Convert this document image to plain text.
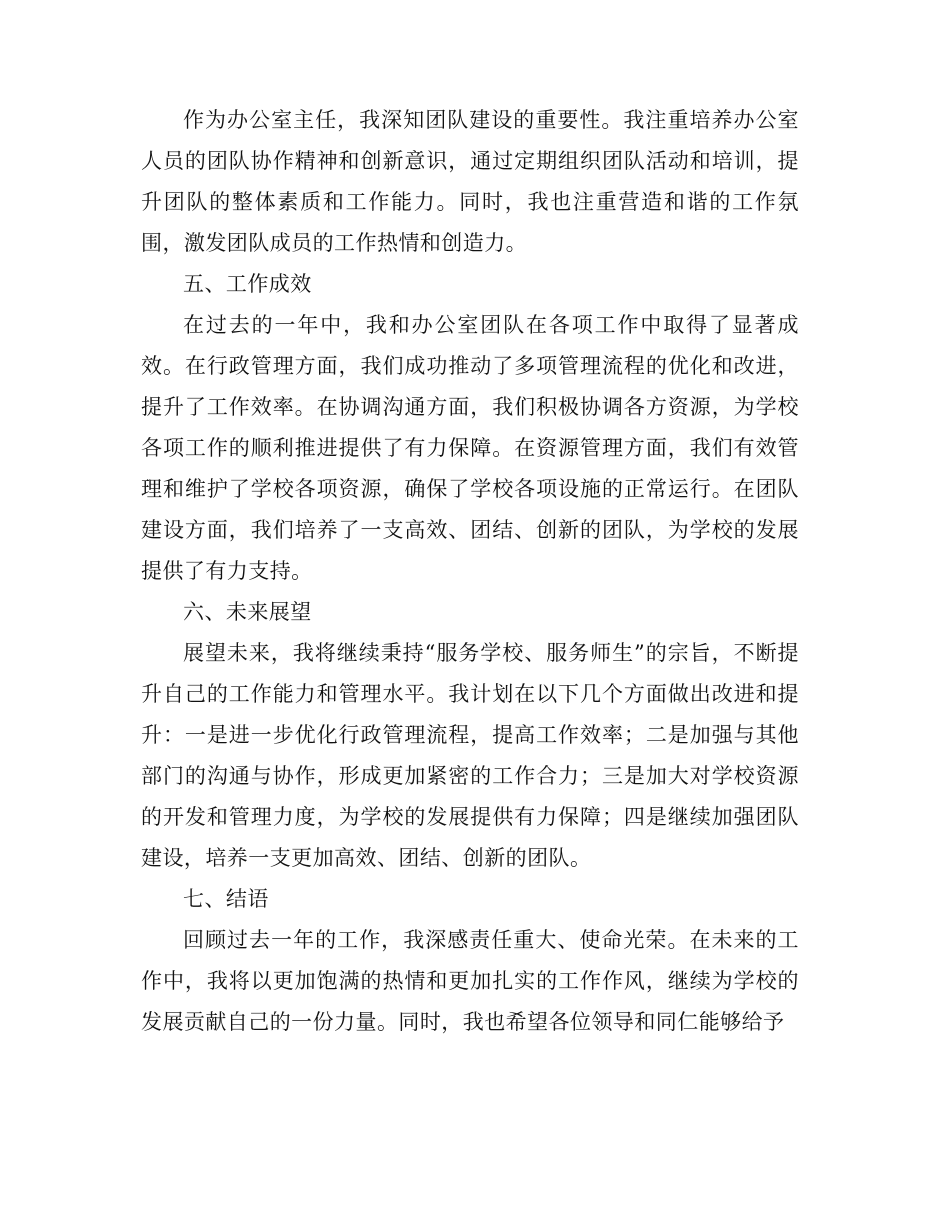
作为办公室主任，我深知团队建设的重要性。我注重培养办公室人员的团队协作精神和创新意识，通过定期组织团队活动和培训，提升团队的整体素质和工作能力。同时，我也注重营造和谐的工作氛围，激发团队成员的工作热情和创造力。

五、工作成效

在过去的一年中，我和办公室团队在各项工作中取得了显著成效。在行政管理方面，我们成功推动了多项管理流程的优化和改进，提升了工作效率。在协调沟通方面，我们积极协调各方资源，为学校各项工作的顺利推进提供了有力保障。在资源管理方面，我们有效管理和维护了学校各项资源，确保了学校各项设施的正常运行。在团队建设方面，我们培养了一支高效、团结、创新的团队，为学校的发展提供了有力支持。

六、未来展望

展望未来，我将继续秉持“服务学校、服务师生”的宗旨，不断提升自己的工作能力和管理水平。我计划在以下几个方面做出改进和提升：一是进一步优化行政管理流程，提高工作效率；二是加强与其他部门的沟通与协作，形成更加紧密的工作合力；三是加大对学校资源的开发和管理力度，为学校的发展提供有力保障；四是继续加强团队建设，培养一支更加高效、团结、创新的团队。

七、结语

回顾过去一年的工作，我深感责任重大、使命光荣。在未来的工作中，我将以更加饱满的热情和更加扎实的工作作风，继续为学校的发展贡献自己的一份力量。同时，我也希望各位领导和同仁能够给予
